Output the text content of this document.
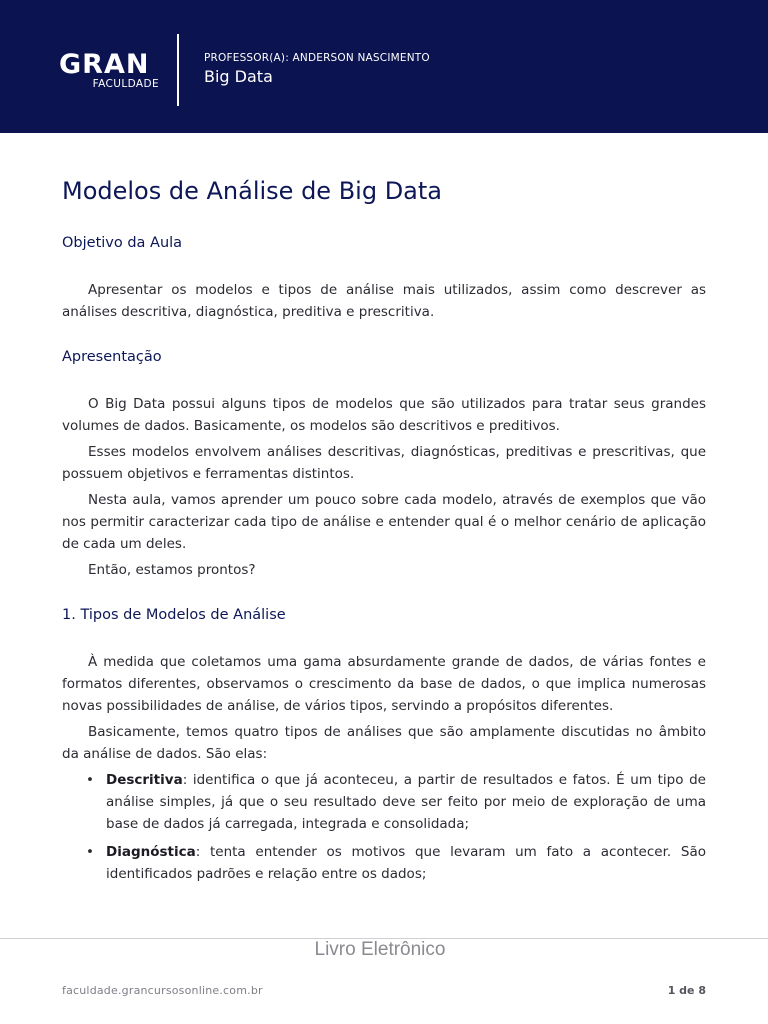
GRAN
FACULDADE
PROFESSOR(A): ANDERSON NASCIMENTO
Big Data
Modelos de Análise de Big Data
Objetivo da Aula

Apresentar os modelos e tipos de análise mais utilizados, assim como descrever as análises descritiva, diagnóstica, preditiva e prescritiva.

Apresentação

O Big Data possui alguns tipos de modelos que são utilizados para tratar seus grandes volumes de dados. Basicamente, os modelos são descritivos e preditivos.

Esses modelos envolvem análises descritivas, diagnósticas, preditivas e prescritivas, que possuem objetivos e ferramentas distintos.

Nesta aula, vamos aprender um pouco sobre cada modelo, através de exemplos que vão nos permitir caracterizar cada tipo de análise e entender qual é o melhor cenário de aplicação de cada um deles.

Então, estamos prontos?

1. Tipos de Modelos de Análise

À medida que coletamos uma gama absurdamente grande de dados, de várias fontes e formatos diferentes, observamos o crescimento da base de dados, o que implica numerosas novas possibilidades de análise, de vários tipos, servindo a propósitos diferentes.

Basicamente, temos quatro tipos de análises que são amplamente discutidas no âmbito da análise de dados. São elas:

• Descritiva: identifica o que já aconteceu, a partir de resultados e fatos. É um tipo de análise simples, já que o seu resultado deve ser feito por meio de exploração de uma base de dados já carregada, integrada e consolidada;
• Diagnóstica: tenta entender os motivos que levaram um fato a acontecer. São identificados padrões e relação entre os dados;
Livro Eletrônico
faculdade.grancursosonline.com.br	1 de 8
